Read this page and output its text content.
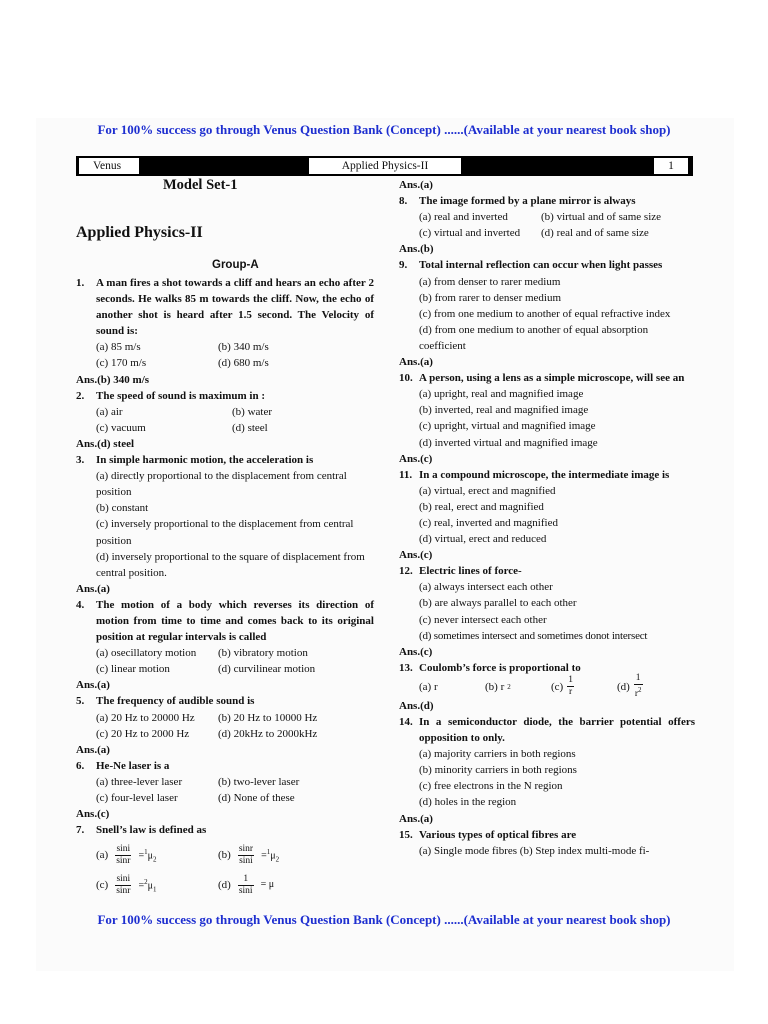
For 100% success go through Venus Question Bank (Concept) ......(Available at your nearest book shop)
Venus	Applied Physics-II	1
Model Set-1
Applied Physics-II
Group-A
1. A man fires a shot towards a cliff and hears an echo after 2 seconds. He walks 85 m towards the cliff. Now, the echo of another shot is heard after 1.5 second. The Velocity of sound is:
(a) 85 m/s	(b) 340 m/s
(c) 170 m/s	(d) 680 m/s
Ans.(b) 340 m/s
2. The speed of sound is maximum in :
(a) air	(b) water
(c) vacuum	(d) steel
Ans.(d) steel
3. In simple harmonic motion, the acceleration is
(a) directly proportional to the displacement from central position
(b) constant
(c) inversely proportional to the displacement from central position
(d) inversely proportional to the square of displacement from central position.
Ans.(a)
4. The motion of a body which reverses its direction of motion from time to time and comes back to its original position at regular intervals is called
(a) osecillatory motion	(b) vibratory motion
(c) linear motion	(d) curvilinear motion
Ans.(a)
5. The frequency of audible sound is
(a) 20 Hz to 20000 Hz	(b) 20 Hz to 10000 Hz
(c) 20 Hz to 2000 Hz	(d) 20kHz to 2000kHz
Ans.(a)
6. He-Ne laser is a
(a) three-lever laser	(b) two-lever laser
(c) four-level laser	(d) None of these
Ans.(c)
7. Snell’s law is defined as
$(a) \frac{\sin i}{\sin r} =^1\mu_2$	$(b) \frac{\sin r}{\sin i} =^1\mu_2$
$(c) \frac{\sin i}{\sin r} =^2\mu_1$	$(d) \frac{1}{\sin i} = \mu$
Ans.(a)
8. The image formed by a plane mirror is always
(a) real and inverted	(b) virtual and of same size
(c) virtual and inverted	(d) real and of same size
Ans.(b)
9. Total internal reflection can occur when light passes
(a) from denser to rarer medium
(b) from rarer to denser medium
(c) from one medium to another of equal refractive index
(d) from one medium to another of equal absorption coefficient
Ans.(a)
10. A person, using a lens as a simple microscope, will see an
(a) upright, real and magnified image
(b) inverted, real and magnified image
(c) upright, virtual and magnified image
(d) inverted virtual and magnified image
Ans.(c)
11. In a compound microscope, the intermediate image is
(a) virtual, erect and magnified
(b) real, erect and magnified
(c) real, inverted and magnified
(d) virtual, erect and reduced
Ans.(c)
12. Electric lines of force-
(a) always intersect each other
(b) are always parallel to each other
(c) never intersect each other
(d) sometimes intersect and sometimes donot intersect
Ans.(c)
13. Coulomb’s force is proportional to
(a) r	(b) r 2	$(c) \frac{1}{r}$	$(d) \frac{1}{r^2}$
Ans.(d)
14. In a semiconductor diode, the barrier potential offers opposition to only.
(a) majority carriers in both regions
(b) minority carriers in both regions
(c) free electrons in the N region
(d) holes in the region
Ans.(a)
15. Various types of optical fibres are
(a) Single mode fibres (b) Step index multi-mode fi-
For 100% success go through Venus Question Bank (Concept) ......(Available at your nearest book shop)
